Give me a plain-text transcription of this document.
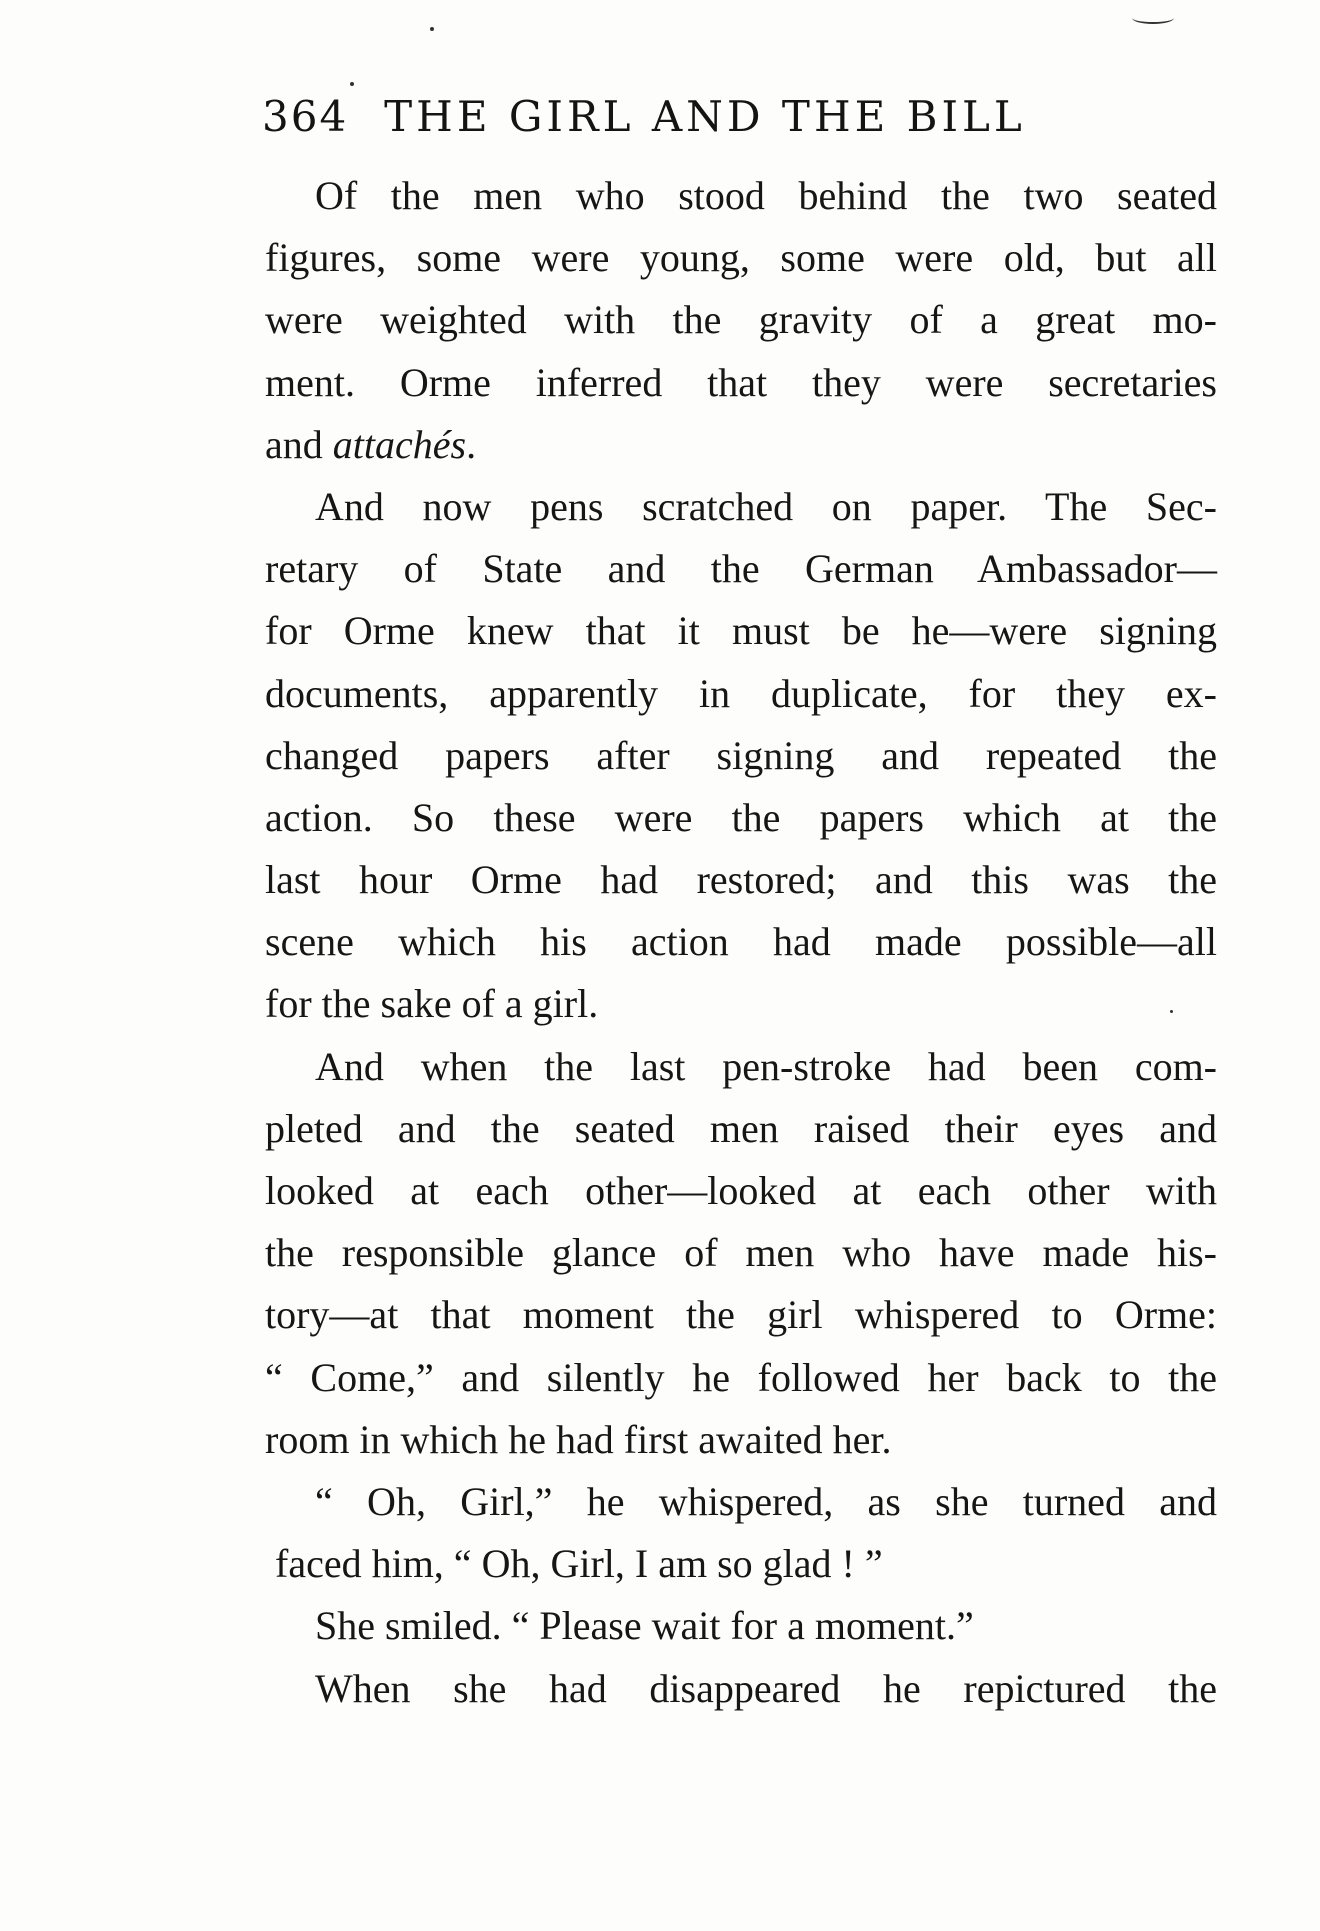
364 THE GIRL AND THE BILL
Of the men who stood behind the two seated
figures, some were young, some were old, but all
were weighted with the gravity of a great mo-
ment. Orme inferred that they were secretaries
and attachés.
And now pens scratched on paper. The Sec-
retary of State and the German Ambassador—
for Orme knew that it must be he—were signing
documents, apparently in duplicate, for they ex-
changed papers after signing and repeated the
action. So these were the papers which at the
last hour Orme had restored; and this was the
scene which his action had made possible—all
for the sake of a girl.
And when the last pen-stroke had been com-
pleted and the seated men raised their eyes and
looked at each other—looked at each other with
the responsible glance of men who have made his-
tory—at that moment the girl whispered to Orme:
“ Come,” and silently he followed her back to the
room in which he had first awaited her.
“ Oh, Girl,” he whispered, as she turned and
faced him, “ Oh, Girl, I am so glad ! ”
She smiled. “ Please wait for a moment.”
When she had disappeared he repictured the
